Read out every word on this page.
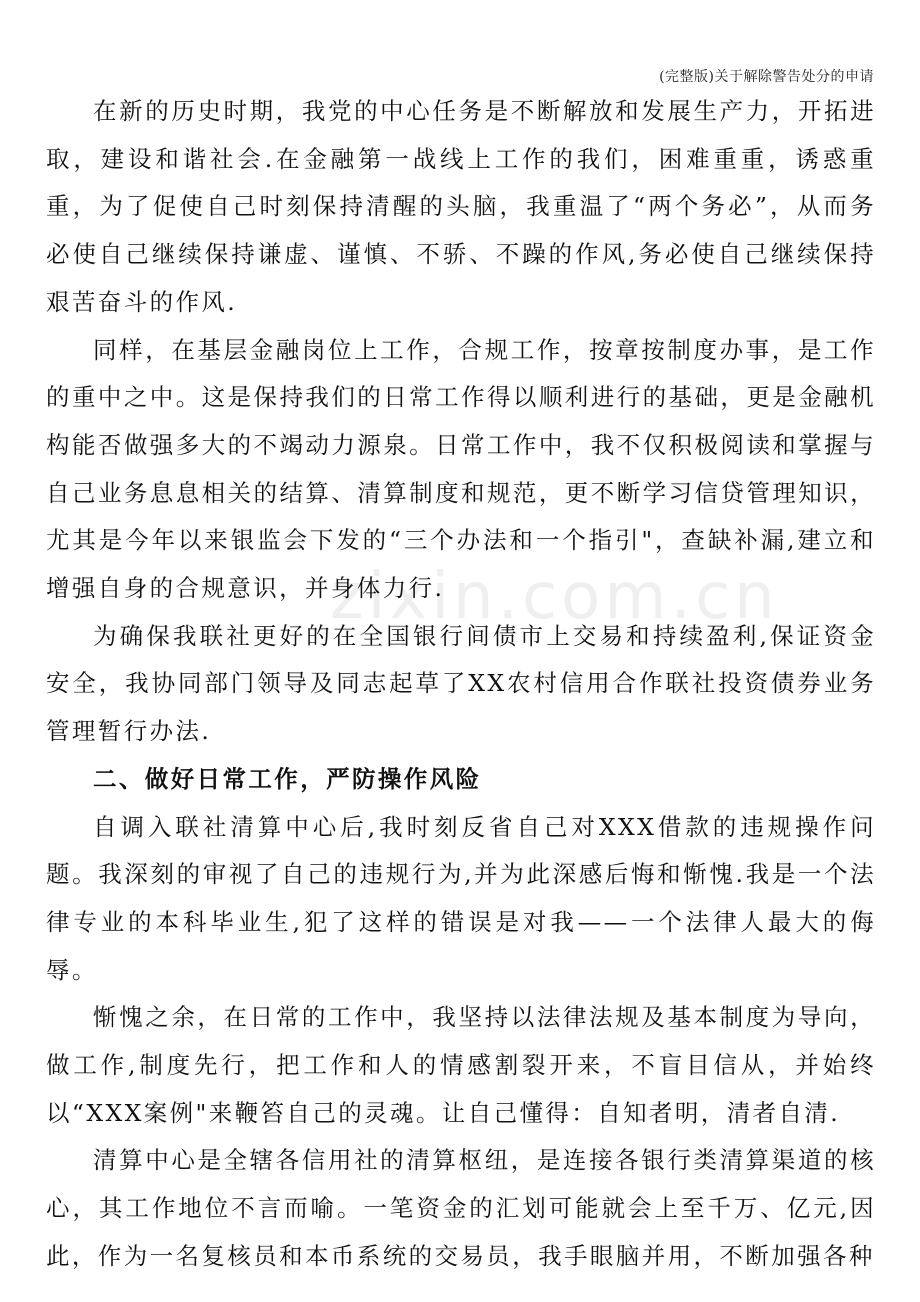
(完整版)关于解除警告处分的申请
zixin.com.cn

在新的历史时期，我党的中心任务是不断解放和发展生产力，开拓进取，建设和谐社会.在金融第一战线上工作的我们，困难重重，诱惑重重，为了促使自己时刻保持清醒的头脑，我重温了“两个务必”，从而务必使自己继续保持谦虚、谨慎、不骄、不躁的作风,务必使自己继续保持艰苦奋斗的作风.

同样，在基层金融岗位上工作，合规工作，按章按制度办事，是工作的重中之中。这是保持我们的日常工作得以顺利进行的基础，更是金融机构能否做强多大的不竭动力源泉。日常工作中，我不仅积极阅读和掌握与自己业务息息相关的结算、清算制度和规范，更不断学习信贷管理知识，尤其是今年以来银监会下发的“三个办法和一个指引"，查缺补漏,建立和增强自身的合规意识，并身体力行.

为确保我联社更好的在全国银行间债市上交易和持续盈利,保证资金安全，我协同部门领导及同志起草了XX农村信用合作联社投资债券业务管理暂行办法.

二、做好日常工作，严防操作风险

自调入联社清算中心后,我时刻反省自己对XXX借款的违规操作问题。我深刻的审视了自己的违规行为,并为此深感后悔和惭愧.我是一个法律专业的本科毕业生,犯了这样的错误是对我——一个法律人最大的侮辱。

惭愧之余，在日常的工作中，我坚持以法律法规及基本制度为导向，做工作,制度先行，把工作和人的情感割裂开来，不盲目信从，并始终以“XXX案例"来鞭笞自己的灵魂。让自己懂得：自知者明，清者自清.

清算中心是全辖各信用社的清算枢纽，是连接各银行类清算渠道的核心，其工作地位不言而喻。一笔资金的汇划可能就会上至千万、亿元,因此，作为一名复核员和本币系统的交易员，我手眼脑并用，不断加强各种
